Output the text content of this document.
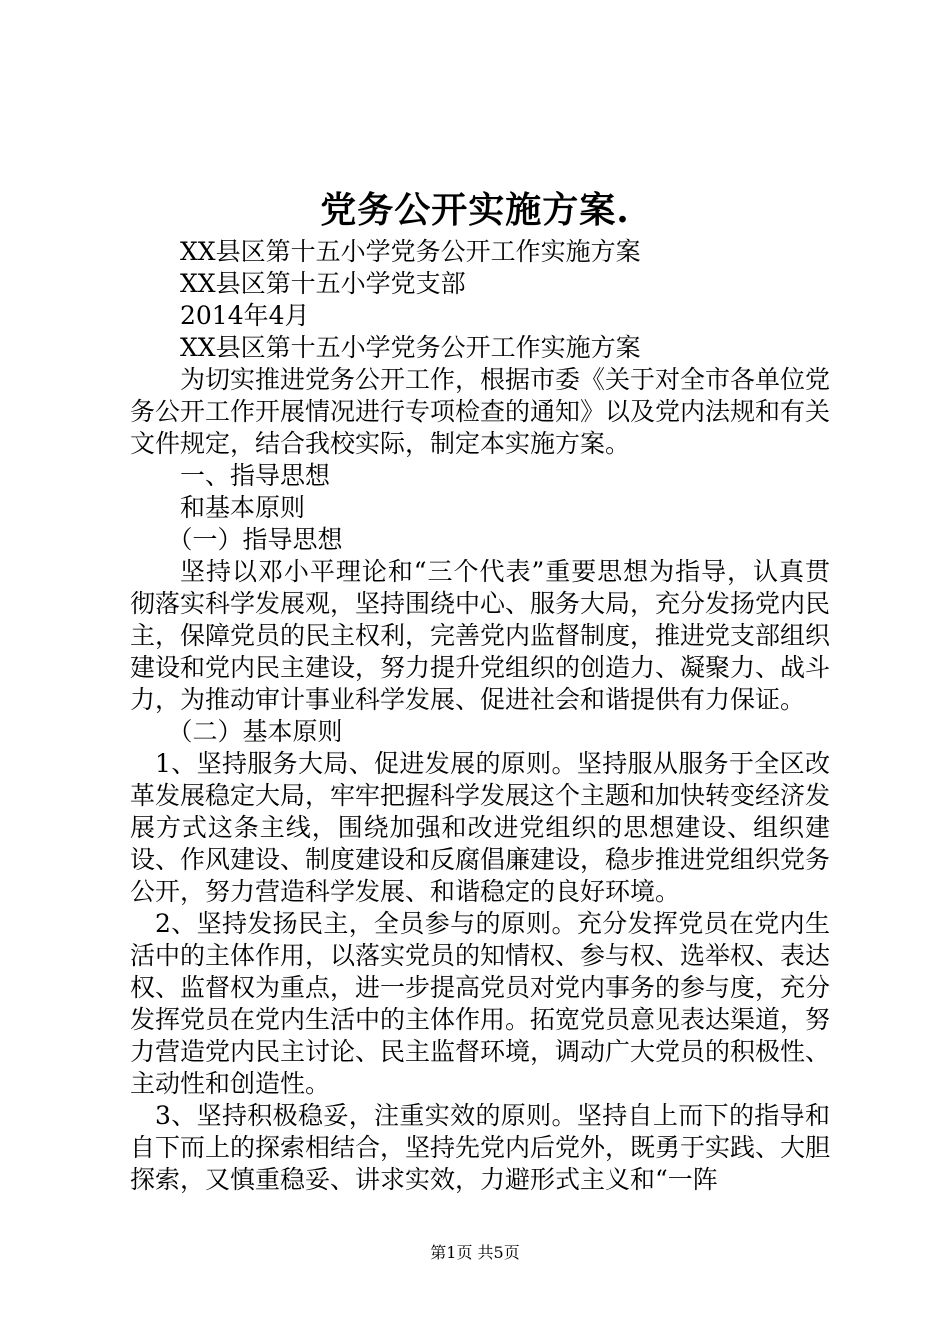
党务公开实施方案.

XX县区第十五小学党务公开工作实施方案

XX县区第十五小学党支部

2014年4月

XX县区第十五小学党务公开工作实施方案

为切实推进党务公开工作，根据市委《关于对全市各单位党务公开工作开展情况进行专项检查的通知》以及党内法规和有关文件规定，结合我校实际，制定本实施方案。

一、指导思想

和基本原则

（一）指导思想

坚持以邓小平理论和“三个代表”重要思想为指导，认真贯彻落实科学发展观，坚持围绕中心、服务大局，充分发扬党内民主，保障党员的民主权利，完善党内监督制度，推进党支部组织建设和党内民主建设，努力提升党组织的创造力、凝聚力、战斗力，为推动审计事业科学发展、促进社会和谐提供有力保证。

（二）基本原则

1、坚持服务大局、促进发展的原则。坚持服从服务于全区改革发展稳定大局，牢牢把握科学发展这个主题和加快转变经济发展方式这条主线，围绕加强和改进党组织的思想建设、组织建设、作风建设、制度建设和反腐倡廉建设，稳步推进党组织党务公开，努力营造科学发展、和谐稳定的良好环境。

2、坚持发扬民主，全员参与的原则。充分发挥党员在党内生活中的主体作用，以落实党员的知情权、参与权、选举权、表达权、监督权为重点，进一步提高党员对党内事务的参与度，充分发挥党员在党内生活中的主体作用。拓宽党员意见表达渠道，努力营造党内民主讨论、民主监督环境，调动广大党员的积极性、主动性和创造性。

3、坚持积极稳妥，注重实效的原则。坚持自上而下的指导和自下而上的探索相结合，坚持先党内后党外，既勇于实践、大胆探索，又慎重稳妥、讲求实效，力避形式主义和“一阵

第1页 共5页
